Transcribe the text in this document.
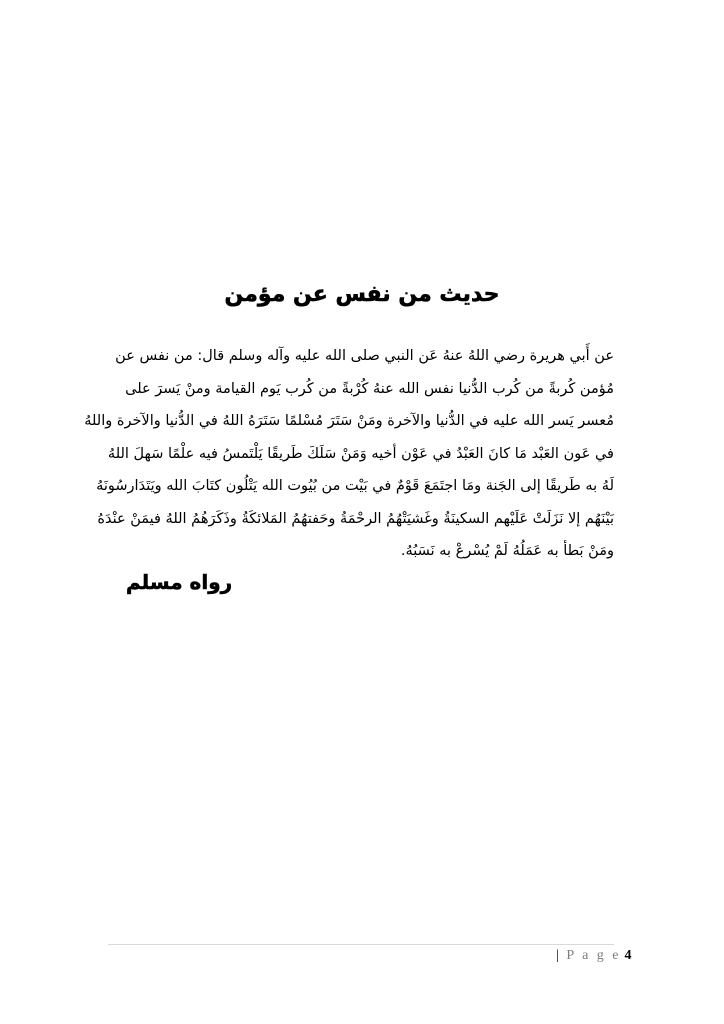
حديث من نفس عن مؤمن
عن أَبي هريرة رضي اللهُ عنهُ عَن النبي صلى الله عليه وآله وسلم قال: من نفس عن
مُؤمن كُربةً من كُرب الدُّنيا نفس الله عنهُ كُرْبةً من كُرب يَوم القيامة ومنْ يَسرَ على
مُعسر يَسر الله عليه في الدُّنيا والآخرة ومَنْ سَتَرَ مُسْلمًا سَتَرَهُ اللهُ في الدُّنيا والآخرة واللهُ
في عَون العَبْد مَا كانَ العَبْدُ في عَوْن أخيه وَمَنْ سَلَكَ طَريقًا يَلْتَمسُ فيه علْمًا سَهلَ اللهُ
لَهُ به طَريقًا إلى الجَنة ومَا اجتَمَعَ قَوْمٌ في بَيْت من بُيُوت الله يَتْلُون كتَابَ الله ويَتَدَارسُونَهُ
بَيْنَهُم إلا نَزَلَتْ عَلَيْهم السكينَةُ وغَشيَتْهُمُ الرحْمَةُ وحَفتهُمُ المَلائكَةُ وذَكَرَهُمُ اللهُ فيمَنْ عنْدَهُ
ومَنْ بَطأ به عَمَلُهُ لَمْ يُسْرعْ به نَسَبُهُ.
رواه مسلم
| P a g e 4
